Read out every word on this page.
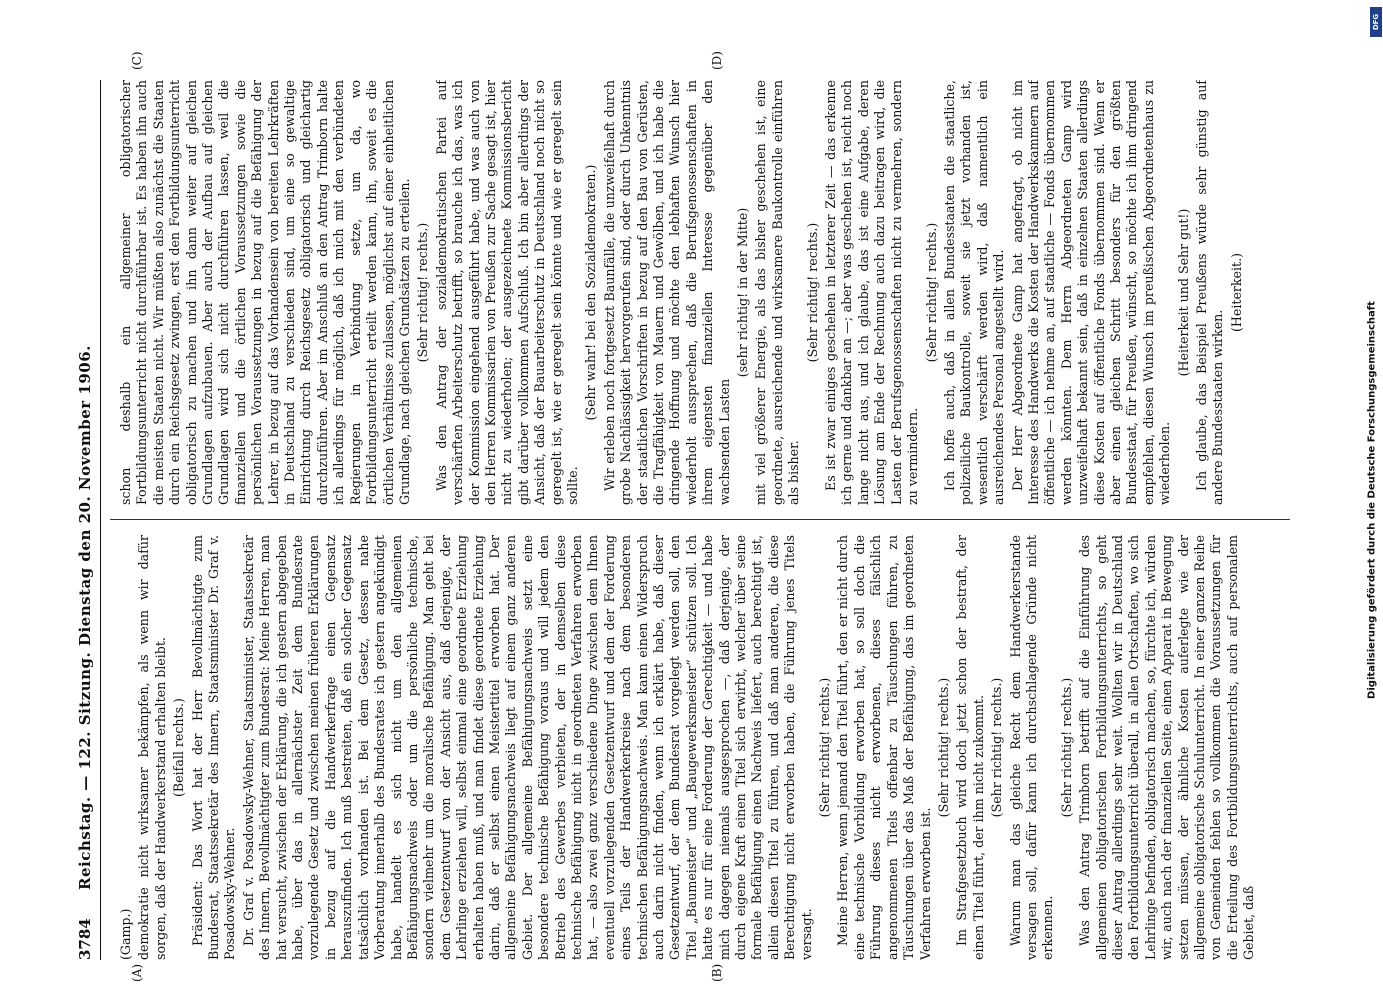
3784
Reichstag. — 122. Sitzung. Dienstag den 20. November 1906.

(Gamp.) demokratie nicht wirksamer bekämpfen, als wenn wir dafür sorgen, daß der Handwerkerstand erhalten bleibt. (Beifall rechts.) Präsident: Das Wort hat der Herr Bevollmächtigte zum Bundesrat, Staatssekretär des Innern, Staatsminister Dr. Graf v. Posadowsky-Wehner. Dr. Graf v. Posadowsky-Wehner, Staatsminister, Staatssekretär des Innern, Bevollmächtigter zum Bundesrat: Meine Herren, man hat versucht, zwischen der Erklärung, die ich gestern abgegeben habe, über das in allernächster Zeit dem Bundesrate vorzulegende Gesetz und zwischen meinen früheren Erklärungen in bezug auf die Handwerkerfrage einen Gegensatz herauszufinden. Ich muß bestreiten, daß ein solcher Gegensatz tatsächlich vorhanden ist. Bei dem Gesetz, dessen nahe Vorberatung innerhalb des Bundesrates ich gestern angekündigt habe, handelt es sich nicht um den allgemeinen Befähigungsnachweis oder um die persönliche technische, sondern vielmehr um die moralische Befähigung. Man geht bei dem Gesetzentwurf von der Ansicht aus, daß derjenige, der Lehrlinge erziehen will, selbst einmal eine geordnete Erziehung erhalten haben muß, und man findet diese geordnete Erziehung darin, daß er selbst einen Meistertitel erworben hat. Der allgemeine Befähigungsnachweis liegt auf einem ganz anderen Gebiet. Der allgemeine Befähigungsnachweis setzt eine besondere technische Befähigung voraus und will jedem den Betrieb des Gewerbes verbieten, der in demselben diese technische Befähigung nicht in geordneten Verfahren erworben hat, — also zwei ganz verschiedene Dinge zwischen dem Ihnen eventuell vorzulegenden Gesetzentwurf und dem der Forderung eines Teils der Handwerkerkreise nach dem besonderen technischen Befähigungsnachweis. Man kann einen Widerspruch auch darin nicht finden, wenn ich erklärt habe, daß dieser Gesetzentwurf, der dem Bundesrat vorgelegt werden soll, den Titel „Baumeister“ und „Baugewerksmeister“ schützen soll. Ich hatte es nur für eine Forderung der Gerechtigkeit — und habe mich dagegen niemals ausgesprochen —, daß derjenige, der durch eigene Kraft einen Titel sich erwirbt, welcher über seine formale Befähigung einen Nachweis liefert, auch berechtigt ist, allein diesen Titel zu führen, und daß man anderen, die diese Berechtigung nicht erworben haben, die Führung jenes Titels versagt.

(Sehr richtig! rechts.) Meine Herren, wenn jemand den Titel führt, den er nicht durch eine technische Vorbildung erworben hat, so soll doch die Führung dieses nicht erworbenen, dieses fälschlich angenommenen Titels offenbar zu Täuschungen führen, zu Täuschungen über das Maß der Befähigung, das im geordneten Verfahren erworben ist.

(Sehr richtig! rechts.) Im Strafgesetzbuch wird doch jetzt schon der bestraft, der einen Titel führt, der ihm nicht zukommt. (Sehr richtig! rechts.) Warum man das gleiche Recht dem Handwerkerstande versagen soll, dafür kann ich durchschlagende Gründe nicht erkennen.

(Sehr richtig! rechts.) Was den Antrag Trimborn betrifft auf die Einführung des allgemeinen obligatorischen Fortbildungsunterrichts, so geht dieser Antrag allerdings sehr weit. Wollten wir in Deutschland den Fortbildungsunterricht überall, in allen Ortschaften, wo sich Lehrlinge befinden, obligatorisch machen, so, fürchte ich, würden wir, auch nach der finanziellen Seite, einen Apparat in Bewegung setzen müssen, der ähnliche Kosten auferlegte wie der allgemeine obligatorische Schulunterricht. In einer ganzen Reihe von Gemeinden fehlen so vollkommen die Voraussetzungen für die Erteilung des Fortbildungsunterrichts, auch auf personalem Gebiet, daß

schon deshalb ein allgemeiner obligatorischer Fortbildungsunterricht nicht durchführbar ist. Es haben ihn auch die meisten Staaten nicht. Wir müßten also zunächst die Staaten durch ein Reichsgesetz zwingen, erst den Fortbildungsunterricht obligatorisch zu machen und ihn dann weiter auf gleichen Grundlagen aufzubauen. Aber auch der Aufbau auf gleichen Grundlagen wird sich nicht durchführen lassen, weil die finanziellen und die örtlichen Voraussetzungen sowie die persönlichen Voraussetzungen in bezug auf die Befähigung der Lehrer, in bezug auf das Vorhandensein von bereiten Lehrkräften in Deutschland zu verschieden sind, um eine so gewaltige Einrichtung durch Reichsgesetz obligatorisch und gleichartig durchzuführen. Aber im Anschluß an den Antrag Trimborn halte ich allerdings für möglich, daß ich mich mit den verbündeten Regierungen in Verbindung setze, um da, wo Fortbildungsunterricht erteilt werden kann, ihn, soweit es die örtlichen Verhältnisse zulassen, möglichst auf einer einheitlichen Grundlage, nach gleichen Grundsätzen zu erteilen. (Sehr richtig! rechts.) Was den Antrag der sozialdemokratischen Partei auf verschärften Arbeiterschutz betrifft, so brauche ich das, was ich der Kommission eingehend ausgeführt habe, und was auch von den Herren Kommissarien von Preußen zur Sache gesagt ist, hier nicht zu wiederholen; der ausgezeichnete Kommissionsbericht gibt darüber vollkommen Aufschluß. Ich bin aber allerdings der Ansicht, daß der Bauarbeiterschutz in Deutschland noch nicht so geregelt ist, wie er geregelt sein könnte und wie er geregelt sein sollte.

(Sehr wahr! bei den Sozialdemokraten.) Wir erleben noch fortgesetzt Baunfälle, die unzweifelhaft durch grobe Nachlässigkeit hervorgerufen sind, oder durch Unkenntnis der staatlichen Vorschriften in bezug auf den Bau von Gerüsten, die Tragfähigkeit von Mauern und Gewölben, und ich habe die dringende Hoffnung und möchte den lebhaften Wunsch hier wiederholt aussprechen, daß die Berufsgenossenschaften in ihrem eigensten finanziellen Interesse gegenüber den wachsenden Lasten

(sehr richtig! in der Mitte) mit viel größerer Energie, als das bisher geschehen ist, eine geordnete, ausreichende und wirksamere Baukontrolle einführen als bisher.

(Sehr richtig! rechts.) Es ist zwar einiges geschehen in letzterer Zeit — das erkenne ich gerne und dankbar an —; aber was geschehen ist, reicht noch lange nicht aus, und ich glaube, das ist eine Aufgabe, deren Lösung am Ende der Rechnung auch dazu beitragen wird, die Lasten der Berufsgenossenschaften nicht zu vermehren, sondern zu vermindern.

(Sehr richtig! rechts.) Ich hoffe auch, daß in allen Bundesstaaten die staatliche, polizeiliche Baukontrolle, soweit sie jetzt vorhanden ist, wesentlich verschärft werden wird, daß namentlich ein ausreichendes Personal angestellt wird. Der Herr Abgeordnete Gamp hat angefragt, ob nicht im Interesse des Handwerks die Kosten der Handwerkskammern auf öffentliche — ich nehme an, auf staatliche — Fonds übernommen werden könnten. Dem Herrn Abgeordneten Gamp wird unzweifelhaft bekannt sein, daß in einzelnen Staaten allerdings diese Kosten auf öffentliche Fonds übernommen sind. Wenn er aber einen gleichen Schritt besonders für den größten Bundesstaat, für Preußen, wünscht, so möchte ich ihm dringend empfehlen, diesen Wunsch im preußischen Abgeordnetenhaus zu wiederholen.

(Heiterkeit und Sehr gut!) Ich glaube, das Beispiel Preußens würde sehr günstig auf andere Bundesstaaten wirken.

(Heiterkeit.)

(A)	(B)
(C)	(D)
Digitalisierung gefördert durch die Deutsche Forschungsgemeinschaft
DFG
